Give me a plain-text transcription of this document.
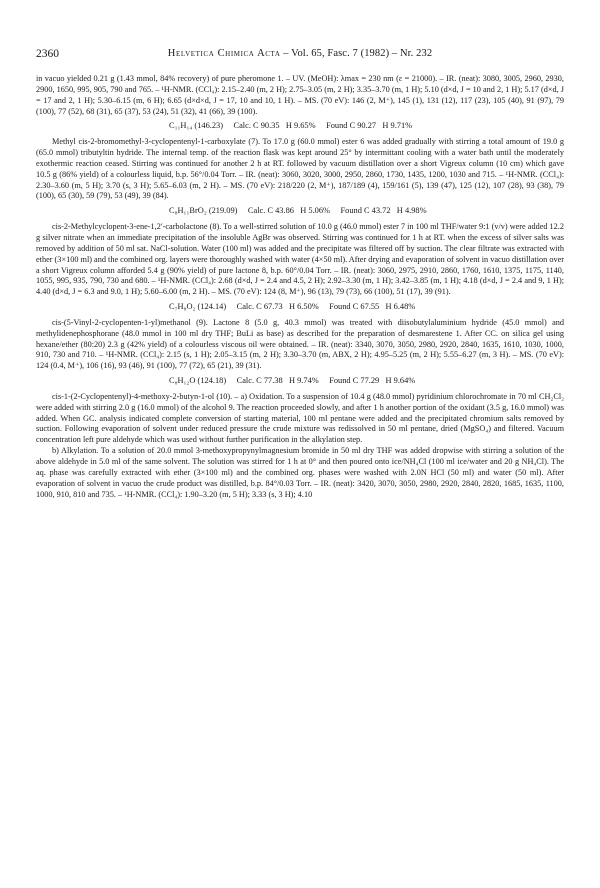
2360	Helvetica Chimica Acta – Vol. 65, Fasc. 7 (1982) – Nr. 232

in vacuo yielded 0.21 g (1.43 mmol, 84% recovery) of pure pheromone 1. – UV. (MeOH): λmax = 230 nm (ε = 21000). – IR. (neat): 3080, 3005, 2960, 2930, 2900, 1650, 995, 905, 790 and 765. – ¹H-NMR. (CCl₄): 2.15–2.40 (m, 2 H); 2.75–3.05 (m, 2 H); 3.35–3.70 (m, 1 H); 5.10 (d×d, J = 10 and 2, 1 H); 5.17 (d×d, J = 17 and 2, 1 H); 5.30–6.15 (m, 6 H); 6.65 (d×d×d, J = 17, 10 and 10, 1 H). – MS. (70 eV): 146 (2, M⁺), 145 (1), 131 (12), 117 (23), 105 (40), 91 (97), 79 (100), 77 (52), 68 (31), 65 (37), 53 (24), 51 (32), 41 (66), 39 (100).

C₁₁H₁₄ (146.23)     Calc. C 90.35   H 9.65%     Found C 90.27   H 9.71%

Methyl cis-2-bromomethyl-3-cyclopentenyl-1-carboxylate (7). To 17.0 g (60.0 mmol) ester 6 was added gradually with stirring a total amount of 19.0 g (65.0 mmol) tributyltin hydride. The internal temp. of the reaction flask was kept around 25° by intermittant cooling with a water bath until the moderately exothermic reaction ceased. Stirring was continued for another 2 h at RT. followed by vacuum distillation over a short Vigreux column (10 cm) which gave 10.5 g (86% yield) of a colourless liquid, b.p. 56°/0.04 Torr. – IR. (neat): 3060, 3020, 3000, 2950, 2860, 1730, 1435, 1200, 1030 and 715. – ¹H-NMR. (CCl₄): 2.30–3.60 (m, 5 H); 3.70 (s, 3 H); 5.65–6.03 (m, 2 H). – MS. (70 eV): 218/220 (2, M⁺), 187/189 (4), 159/161 (5), 139 (47), 125 (12), 107 (28), 93 (38), 79 (100), 65 (30), 59 (79), 53 (49), 39 (84).

C₈H₁₁BrO₂ (219.09)     Calc. C 43.86   H 5.06%     Found C 43.72   H 4.98%

cis-2-Methylcyclopent-3-ene-1,2′-carbolactone (8). To a well-stirred solution of 10.0 g (46.0 mmol) ester 7 in 100 ml THF/water 9:1 (v/v) were added 12.2 g silver nitrate when an immediate precipitation of the insoluble AgBr was observed. Stirring was continued for 1 h at RT. when the excess of silver salts was removed by addition of 50 ml sat. NaCl-solution. Water (100 ml) was added and the precipitate was filtered off by suction. The clear filtrate was extracted with ether (3×100 ml) and the combined org. layers were thoroughly washed with water (4×50 ml). After drying and evaporation of solvent in vacuo distillation over a short Vigreux column afforded 5.4 g (90% yield) of pure lactone 8, b.p. 60°/0.04 Torr. – IR. (neat): 3060, 2975, 2910, 2860, 1760, 1610, 1375, 1175, 1140, 1055, 995, 935, 790, 730 and 680. – ¹H-NMR. (CCl₄): 2.68 (d×d, J = 2.4 and 4.5, 2 H); 2.92–3.30 (m, 1 H); 3.42–3.85 (m, 1 H); 4.18 (d×d, J = 2.4 and 9, 1 H); 4.40 (d×d, J = 6.3 and 9.0, 1 H); 5.60–6.00 (m, 2 H). – MS. (70 eV): 124 (8, M⁺), 96 (13), 79 (73), 66 (100), 51 (17), 39 (91).

C₇H₈O₂ (124.14)     Calc. C 67.73   H 6.50%     Found C 67.55   H 6.48%

cis-(5-Vinyl-2-cyclopenten-1-yl)methanol (9). Lactone 8 (5.0 g, 40.3 mmol) was treated with diisobutylaluminium hydride (45.0 mmol) and methylidenephosphorane (48.0 mmol in 100 ml dry THF; BuLi as base) as described for the preparation of desmarestene 1. After CC. on silica gel using hexane/ether (80:20) 2.3 g (42% yield) of a colourless viscous oil were obtained. – IR. (neat): 3340, 3070, 3050, 2980, 2920, 2840, 1635, 1610, 1030, 1000, 910, 730 and 710. – ¹H-NMR. (CCl₄): 2.15 (s, 1 H); 2.05–3.15 (m, 2 H); 3.30–3.70 (m, ABX, 2 H); 4.95–5.25 (m, 2 H); 5.55–6.27 (m, 3 H). – MS. (70 eV): 124 (0.4, M⁺), 106 (16), 93 (46), 91 (100), 77 (72), 65 (21), 39 (31).

C₈H₁₂O (124.18)     Calc. C 77.38   H 9.74%     Found C 77.29   H 9.64%

cis-1-(2-Cyclopentenyl)-4-methoxy-2-butyn-1-ol (10). – a) Oxidation. To a suspension of 10.4 g (48.0 mmol) pyridinium chlorochromate in 70 ml CH₂Cl₂ were added with stirring 2.0 g (16.0 mmol) of the alcohol 9. The reaction proceeded slowly, and after 1 h another portion of the oxidant (3.5 g, 16.0 mmol) was added. When GC. analysis indicated complete conversion of starting material, 100 ml pentane were added and the precipitated chromium salts removed by suction. Following evaporation of solvent under reduced pressure the crude mixture was redissolved in 50 ml pentane, dried (MgSO₄) and filtered. Vacuum concentration left pure aldehyde which was used without further purification in the alkylation step.

b) Alkylation. To a solution of 20.0 mmol 3-methoxypropynylmagnesium bromide in 50 ml dry THF was added dropwise with stirring a solution of the above aldehyde in 5.0 ml of the same solvent. The solution was stirred for 1 h at 0° and then poured onto ice/NH₄Cl (100 ml ice/water and 20 g NH₄Cl). The aq. phase was carefully extracted with ether (3×100 ml) and the combined org. phases were washed with 2.0N HCl (50 ml) and water (50 ml). After evaporation of solvent in vacuo the crude product was distilled, b.p. 84°/0.03 Torr. – IR. (neat): 3420, 3070, 3050, 2980, 2920, 2840, 2820, 1685, 1635, 1100, 1000, 910, 810 and 735. – ¹H-NMR. (CCl₄): 1.90–3.20 (m, 5 H); 3.33 (s, 3 H); 4.10
